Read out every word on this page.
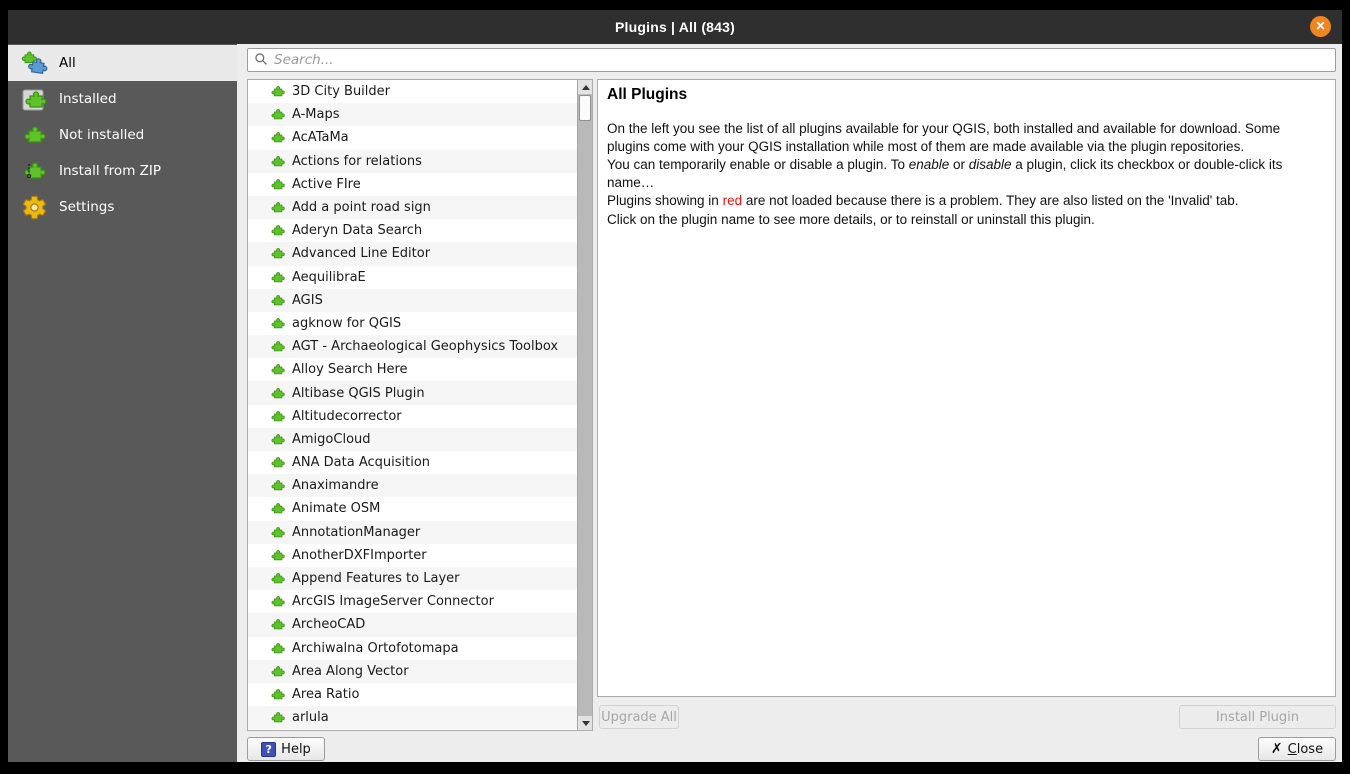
Plugins | All (843)	✕
All
Installed
Not installed
Install from ZIP
Settings
Search...
3D City Builder
A-Maps
AcATaMa
Actions for relations
Active FIre
Add a point road sign
Aderyn Data Search
Advanced Line Editor
AequilibraE
AGIS
agknow for QGIS
AGT - Archaeological Geophysics Toolbox
Alloy Search Here
Altibase QGIS Plugin
Altitudecorrector
AmigoCloud
ANA Data Acquisition
Anaximandre
Animate OSM
AnnotationManager
AnotherDXFImporter
Append Features to Layer
ArcGIS ImageServer Connector
ArcheoCAD
Archiwalna Ortofotomapa
Area Along Vector
Area Ratio
arlula
All Plugins

On the left you see the list of all plugins available for your QGIS, both installed and available for download. Some plugins come with your QGIS installation while most of them are made available via the plugin repositories.

You can temporarily enable or disable a plugin. To enable or disable a plugin, click its checkbox or double-click its name…

Plugins showing in red are not loaded because there is a problem. They are also listed on the 'Invalid' tab.

Click on the plugin name to see more details, or to reinstall or uninstall this plugin.

Upgrade All	Install Plugin
? Help	✗ Close
